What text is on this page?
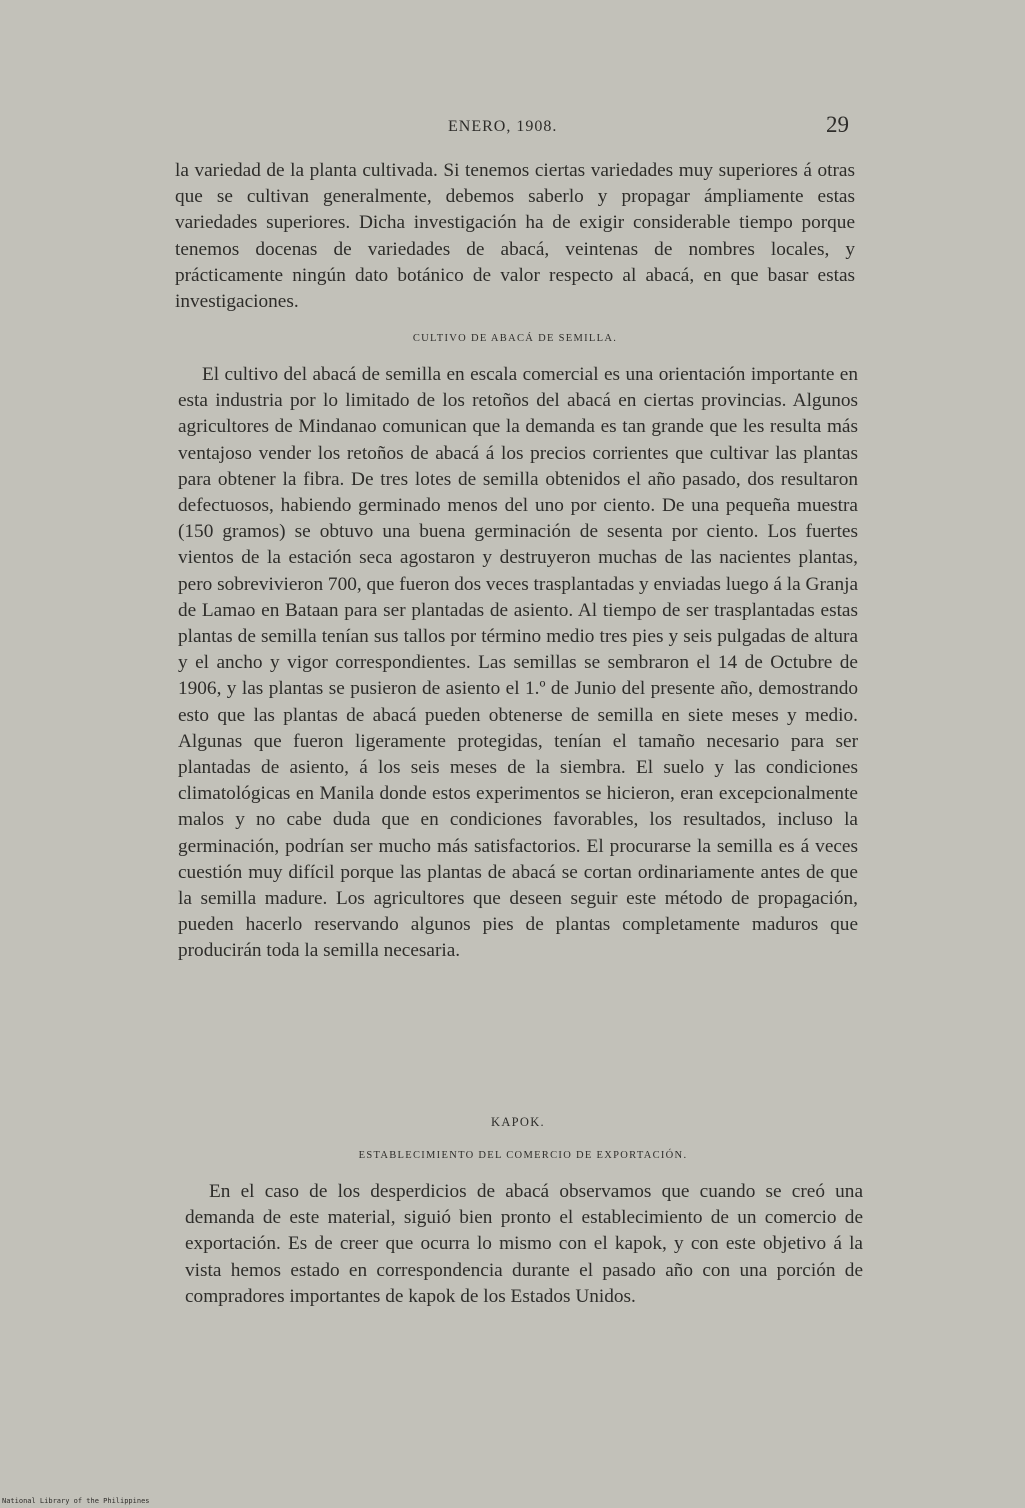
ENERO, 1908.	29

la variedad de la planta cultivada. Si tenemos ciertas variedades muy superiores á otras que se cultivan generalmente, debemos saberlo y propagar ámpliamente estas variedades superiores. Dicha investigación ha de exigir considerable tiempo porque tenemos docenas de variedades de abacá, veintenas de nombres locales, y prácticamente ningún dato botánico de valor respecto al abacá, en que basar estas investigaciones.

CULTIVO DE ABACÁ DE SEMILLA.

El cultivo del abacá de semilla en escala comercial es una orientación importante en esta industria por lo limitado de los retoños del abacá en ciertas provincias. Algunos agricultores de Mindanao comunican que la demanda es tan grande que les resulta más ventajoso vender los retoños de abacá á los precios corrientes que cultivar las plantas para obtener la fibra. De tres lotes de semilla obtenidos el año pasado, dos resultaron defectuosos, habiendo germinado menos del uno por ciento. De una pequeña muestra (150 gramos) se obtuvo una buena germinación de sesenta por ciento. Los fuertes vientos de la estación seca agostaron y destruyeron muchas de las nacientes plantas, pero sobrevivieron 700, que fueron dos veces trasplantadas y enviadas luego á la Granja de Lamao en Bataan para ser plantadas de asiento. Al tiempo de ser trasplantadas estas plantas de semilla tenían sus tallos por término medio tres pies y seis pulgadas de altura y el ancho y vigor correspondientes. Las semillas se sembraron el 14 de Octubre de 1906, y las plantas se pusieron de asiento el 1.º de Junio del presente año, demostrando esto que las plantas de abacá pueden obtenerse de semilla en siete meses y medio. Algunas que fueron ligeramente protegidas, tenían el tamaño necesario para ser plantadas de asiento, á los seis meses de la siembra. El suelo y las condiciones climatológicas en Manila donde estos experimentos se hicieron, eran excepcionalmente malos y no cabe duda que en condiciones favorables, los resultados, incluso la germinación, podrían ser mucho más satisfactorios. El procurarse la semilla es á veces cuestión muy difícil porque las plantas de abacá se cortan ordinariamente antes de que la semilla madure. Los agricultores que deseen seguir este método de propagación, pueden hacerlo reservando algunos pies de plantas completamente maduros que producirán toda la semilla necesaria.

KAPOK.
ESTABLECIMIENTO DEL COMERCIO DE EXPORTACIÓN.

En el caso de los desperdicios de abacá observamos que cuando se creó una demanda de este material, siguió bien pronto el establecimiento de un comercio de exportación. Es de creer que ocurra lo mismo con el kapok, y con este objetivo á la vista hemos estado en correspondencia durante el pasado año con una porción de compradores importantes de kapok de los Estados Unidos.

National Library of the Philippines
